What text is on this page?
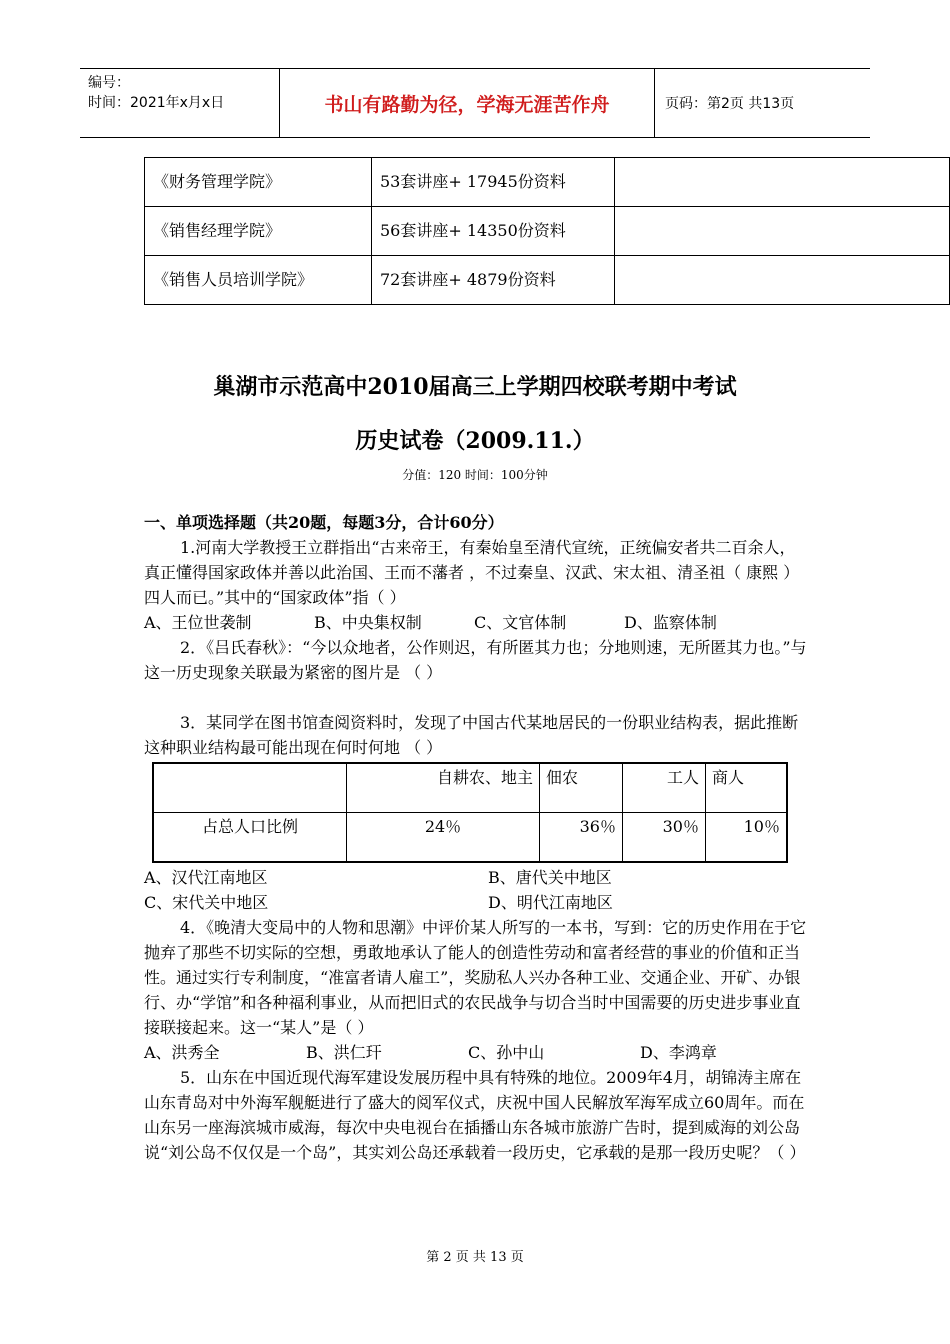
编号：
时间：2021年x月x日	书山有路勤为径，学海无涯苦作舟	页码：第2页 共13页
《财务管理学院》	53套讲座+ 17945份资料	
《销售经理学院》	56套讲座+ 14350份资料	
《销售人员培训学院》	72套讲座+ 4879份资料	
巢湖市示范高中2010届高三上学期四校联考期中考试
历史试卷（2009.11.）
分值：120 时间：100分钟

一、单项选择题（共20题，每题3分，合计60分）

1.河南大学教授王立群指出“古来帝王，有秦始皇至清代宣统，正统偏安者共二百余人，真正懂得国家政体并善以此治国、王而不藩者 ，不过秦皇、汉武、宋太祖、清圣祖（ 康熙 ）四人而已。”其中的“国家政体”指（ ）

A、王位世袭制	B、中央集权制	C、文官体制	D、监察体制

2．《吕氏春秋》：“今以众地者，公作则迟，有所匿其力也；分地则速，无所匿其力也。”与这一历史现象关联最为紧密的图片是 （ ）

3．某同学在图书馆查阅资料时，发现了中国古代某地居民的一份职业结构表，据此推断这种职业结构最可能出现在何时何地 （ ）

	自耕农、地主	佃农	工人	商人
占总人口比例	24％	36％	30％	10％
A、汉代江南地区	B、唐代关中地区
C、宋代关中地区	D、明代江南地区

4．《晚清大变局中的人物和思潮》中评价某人所写的一本书，写到：它的历史作用在于它抛弃了那些不切实际的空想，勇敢地承认了能人的创造性劳动和富者经营的事业的价值和正当性。通过实行专利制度，“准富者请人雇工”，奖励私人兴办各种工业、交通企业、开矿、办银行、办“学馆”和各种福利事业，从而把旧式的农民战争与切合当时中国需要的历史进步事业直接联接起来。这一“某人”是（ ）

A、洪秀全	B、洪仁玕	C、孙中山	D、李鸿章

5．山东在中国近现代海军建设发展历程中具有特殊的地位。2009年4月，胡锦涛主席在山东青岛对中外海军舰艇进行了盛大的阅军仪式，庆祝中国人民解放军海军成立60周年。而在山东另一座海滨城市威海，每次中央电视台在插播山东各城市旅游广告时，提到威海的刘公岛说“刘公岛不仅仅是一个岛”，其实刘公岛还承载着一段历史，它承载的是那一段历史呢？（ ）

第 2 页 共 13 页
